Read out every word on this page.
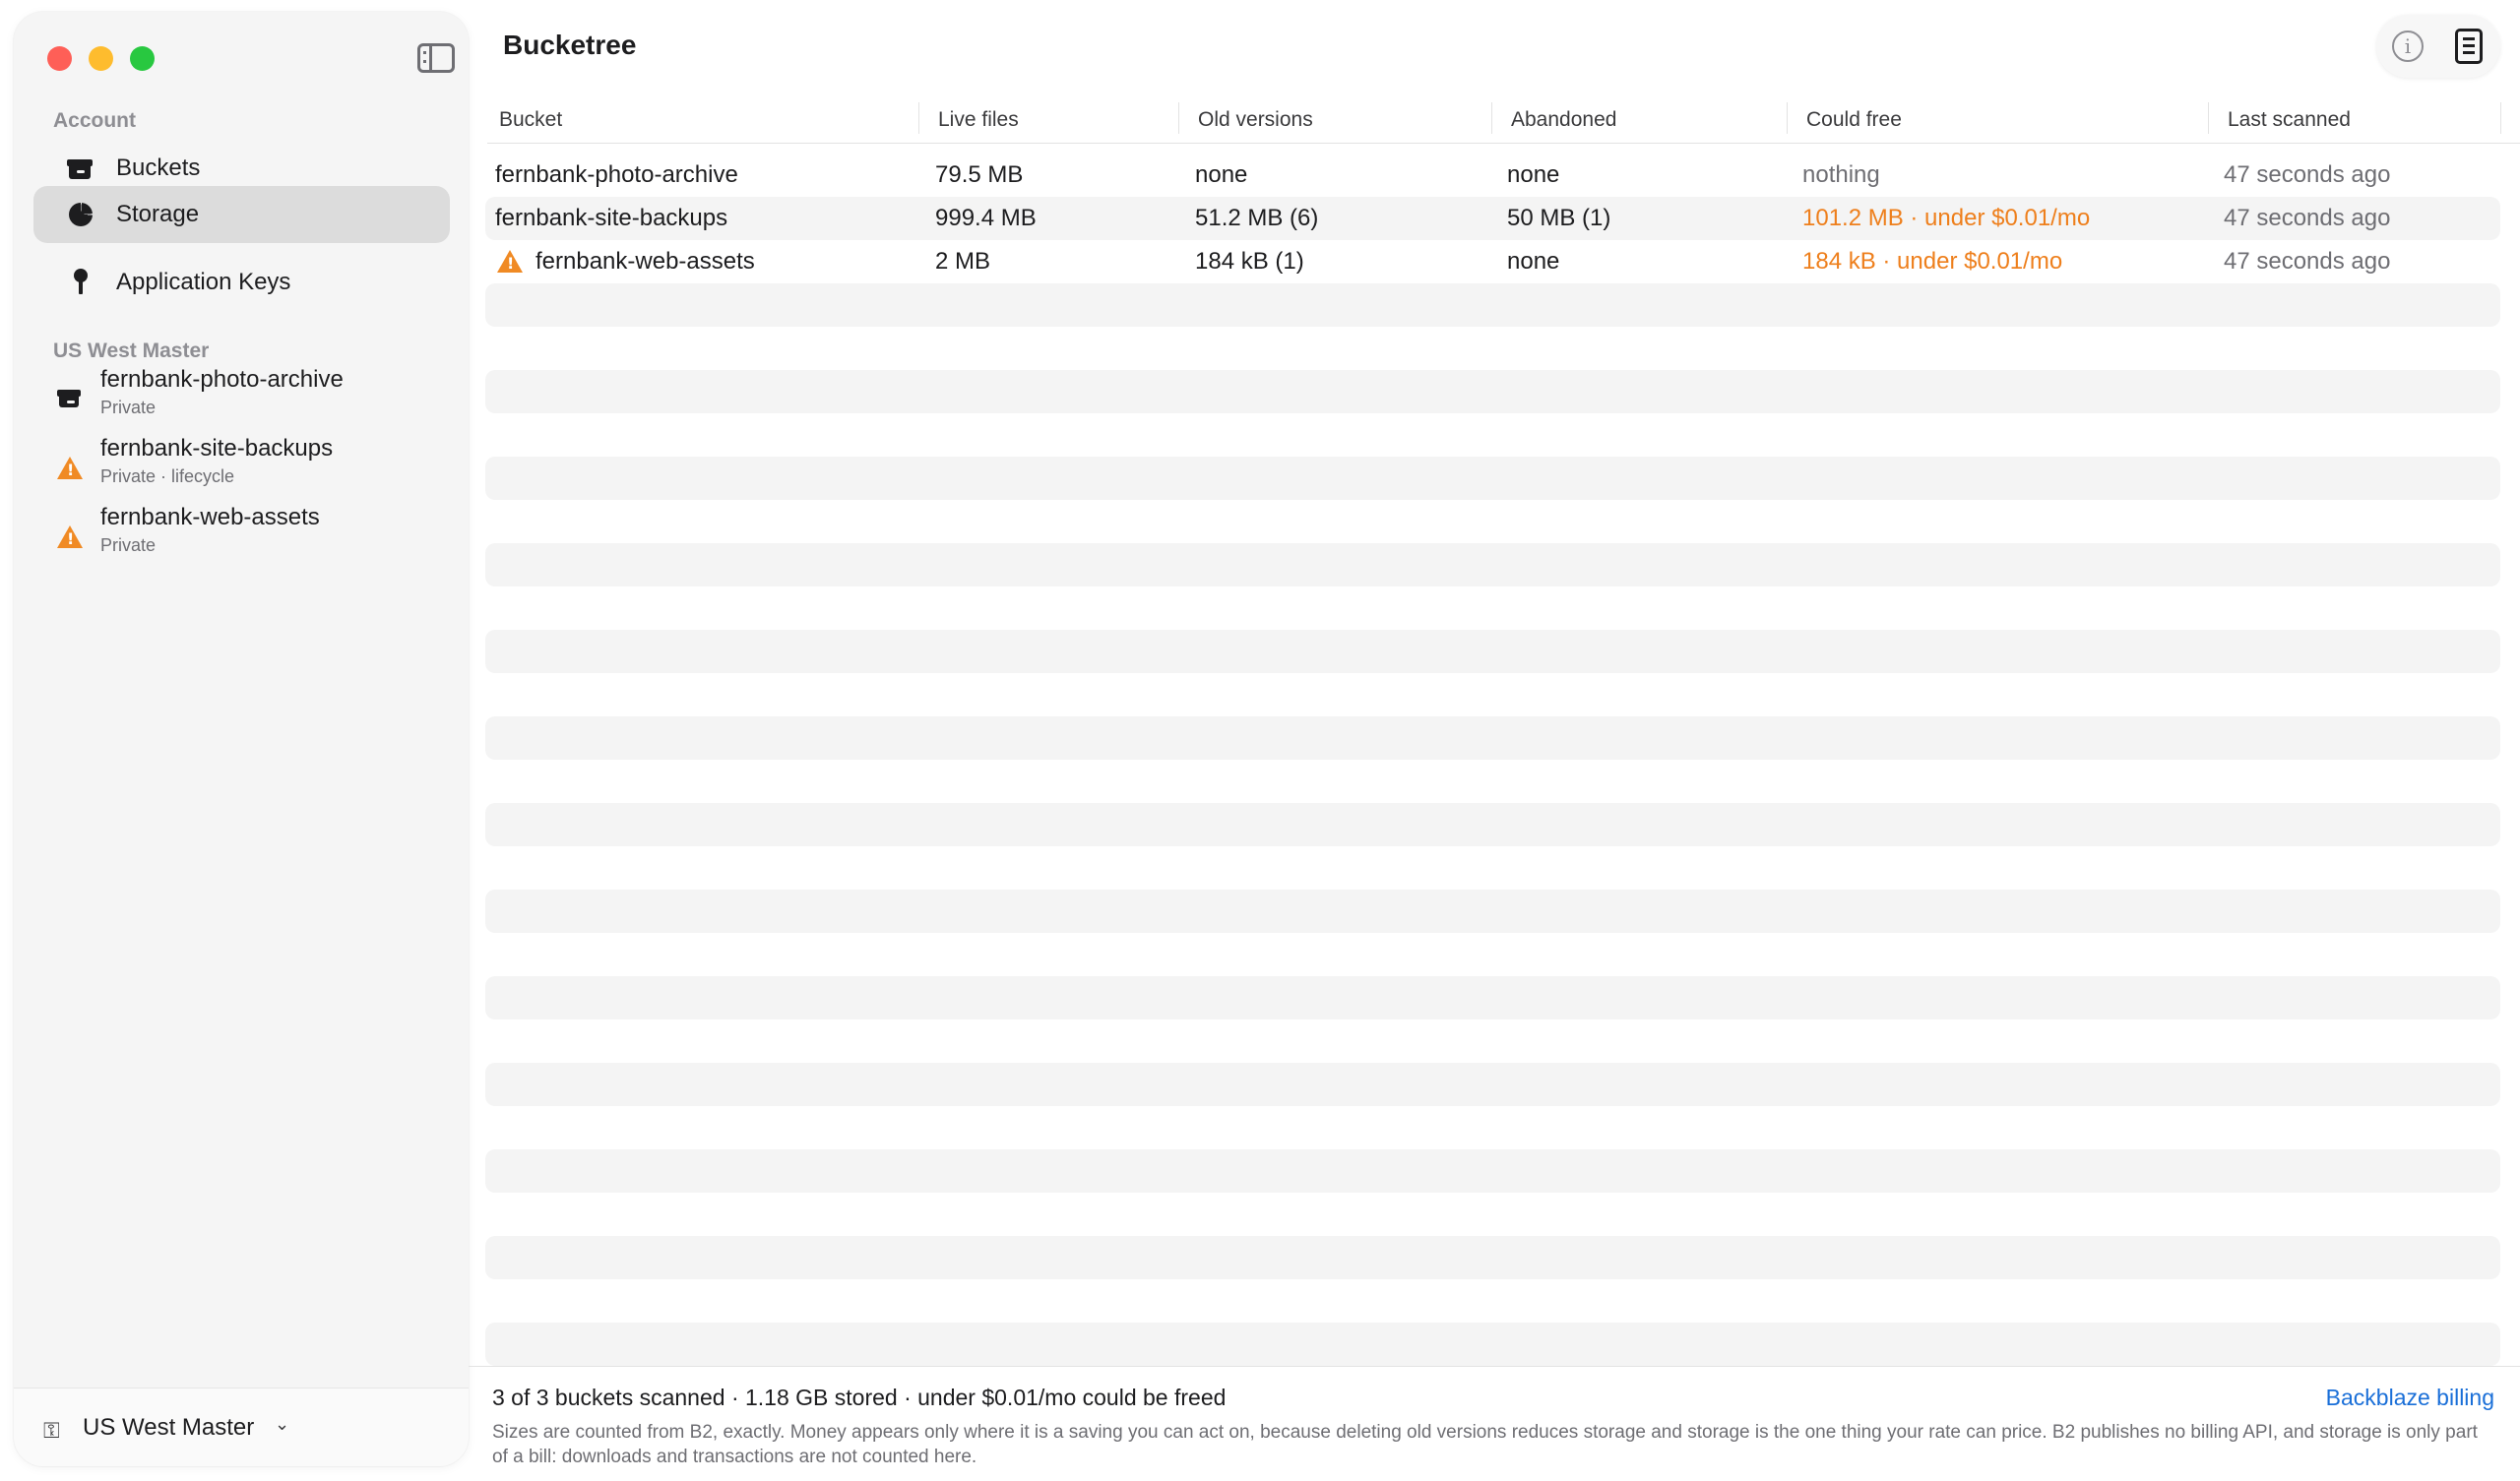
Account
Buckets
Storage
Application Keys
US West Master
fernbank-photo-archive
Private
!
fernbank-site-backups
Private · lifecycle
!
fernbank-web-assets
Private
⚿ US West Master ⌄
Bucketree	i
Bucket	Live files	Old versions	Abandoned	Could free	Last scanned
fernbank-photo-archive	79.5 MB	none	none	nothing	47 seconds ago
fernbank-site-backups	999.4 MB	51.2 MB (6)	50 MB (1)	101.2 MB · under $0.01/mo	47 seconds ago
!
fernbank-web-assets	2 MB	184 kB (1)	none	184 kB · under $0.01/mo	47 seconds ago
3 of 3 buckets scanned · 1.18 GB stored · under $0.01/mo could be freed	Backblaze billing
Sizes are counted from B2, exactly. Money appears only where it is a saving you can act on, because deleting old versions reduces storage and storage is the one thing your rate can price. B2 publishes no billing API, and storage is only part of a bill: downloads and transactions are not counted here.
